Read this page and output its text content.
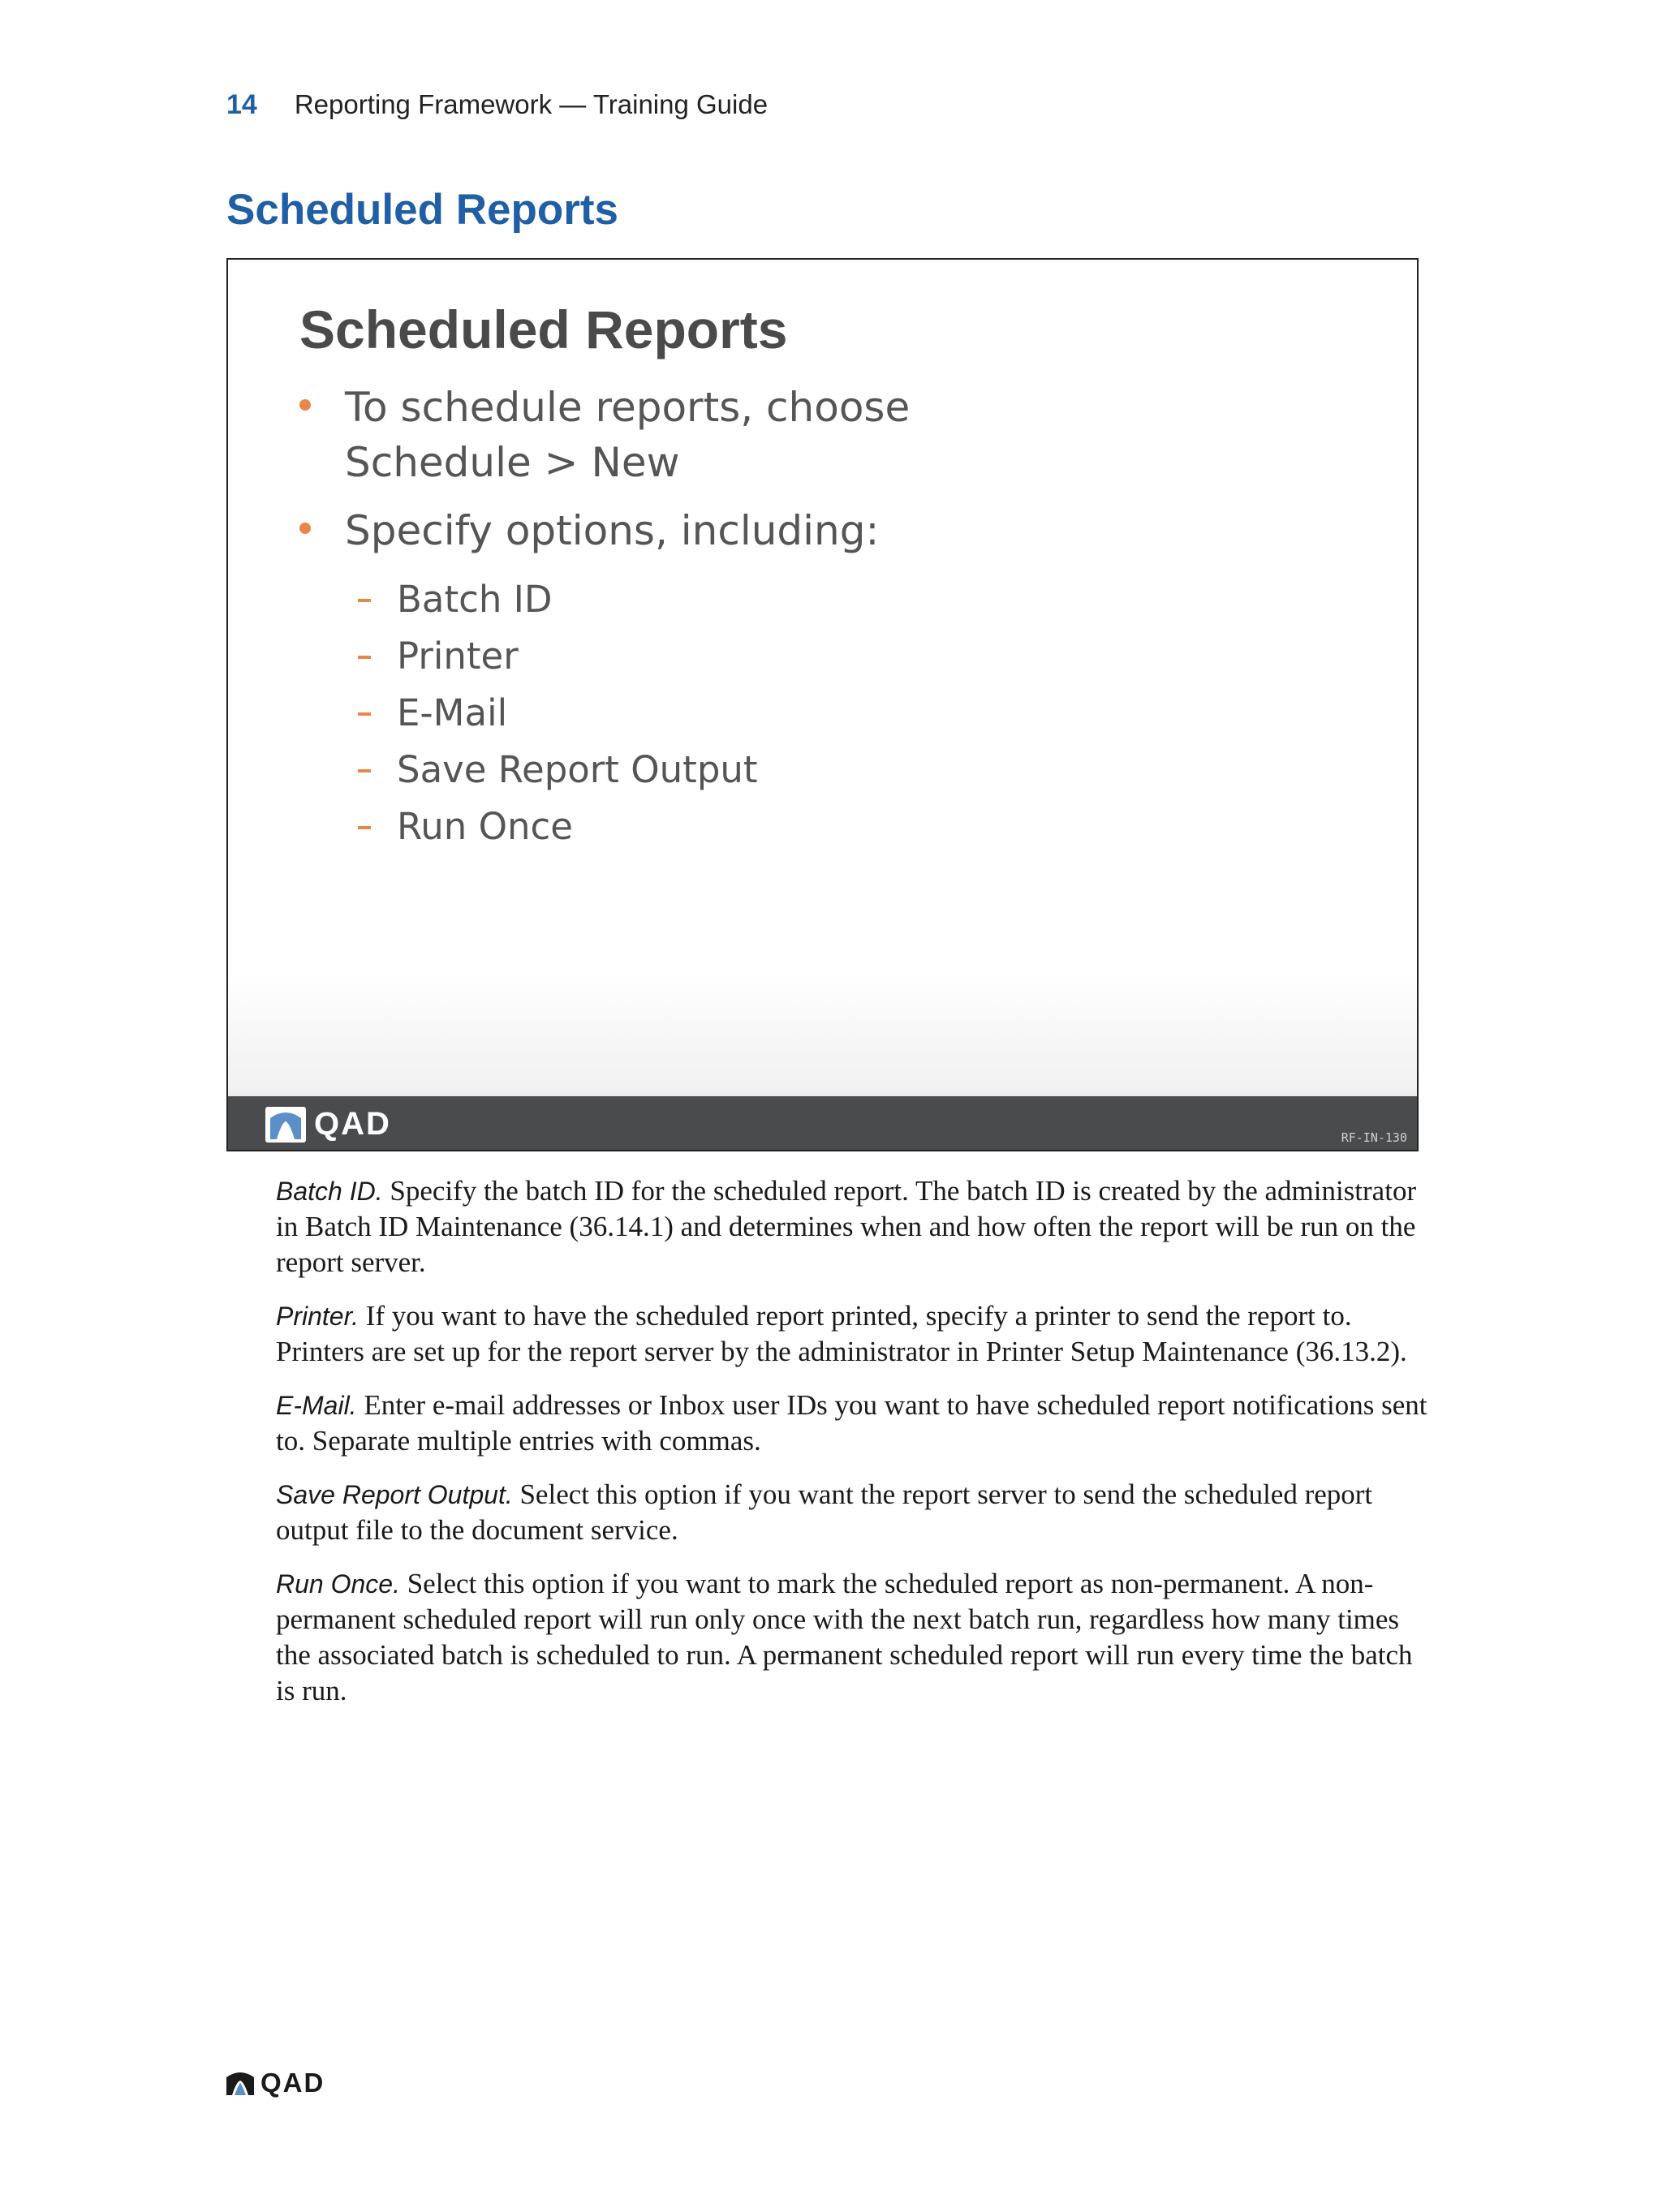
14 Reporting Framework — Training Guide
Scheduled Reports
Scheduled Reports
To schedule reports, choose Schedule > New
Specify options, including:
Batch ID
Printer
E-Mail
Save Report Output
Run Once
QAD	RF-IN-130

Batch ID. Specify the batch ID for the scheduled report. The batch ID is created by the administrator in Batch ID Maintenance (36.14.1) and determines when and how often the report will be run on the report server.

Printer. If you want to have the scheduled report printed, specify a printer to send the report to. Printers are set up for the report server by the administrator in Printer Setup Maintenance (36.13.2).

E-Mail. Enter e-mail addresses or Inbox user IDs you want to have scheduled report notifications sent to. Separate multiple entries with commas.

Save Report Output. Select this option if you want the report server to send the scheduled report output file to the document service.

Run Once. Select this option if you want to mark the scheduled report as non-permanent. A non-permanent scheduled report will run only once with the next batch run, regardless how many times the associated batch is scheduled to run. A permanent scheduled report will run every time the batch is run.

QAD
